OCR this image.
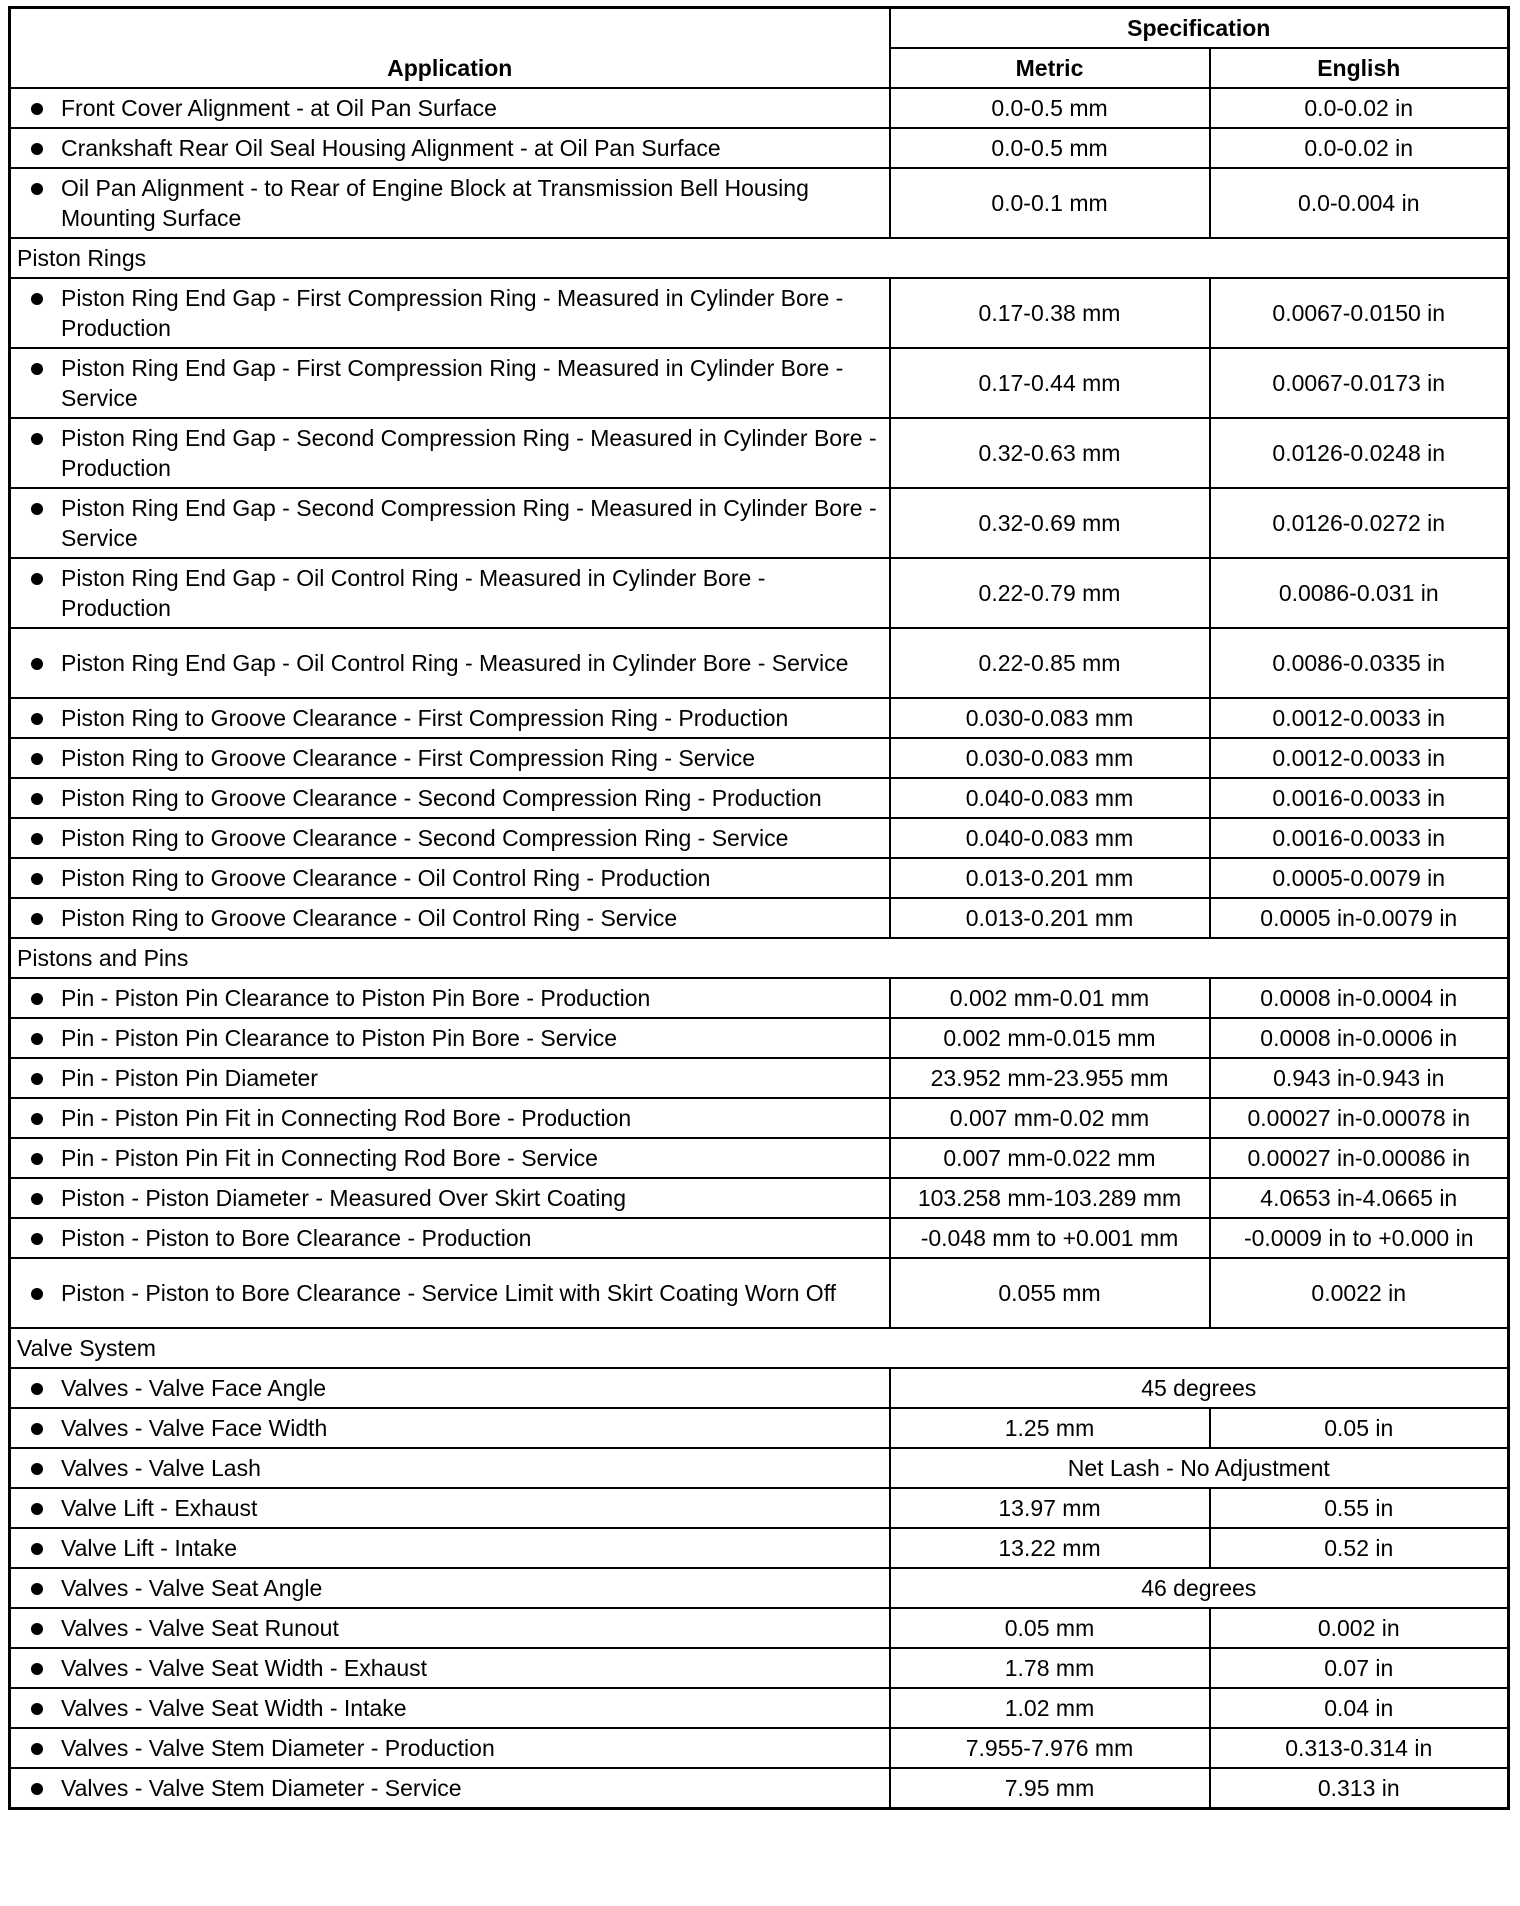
Application	Specification	
	Metric	English

Front Cover Alignment - at Oil Pan Surface	0.0-0.5 mm	0.0-0.02 in

Crankshaft Rear Oil Seal Housing Alignment - at Oil Pan Surface	0.0-0.5 mm	0.0-0.02 in

Oil Pan Alignment - to Rear of Engine Block at Transmission Bell Housing Mounting Surface	0.0-0.1 mm	0.0-0.004 in
Piston Rings		

Piston Ring End Gap - First Compression Ring - Measured in Cylinder Bore - Production	0.17-0.38 mm	0.0067-0.0150 in

Piston Ring End Gap - First Compression Ring - Measured in Cylinder Bore - Service	0.17-0.44 mm	0.0067-0.0173 in

Piston Ring End Gap - Second Compression Ring - Measured in Cylinder Bore - Production	0.32-0.63 mm	0.0126-0.0248 in

Piston Ring End Gap - Second Compression Ring - Measured in Cylinder Bore - Service	0.32-0.69 mm	0.0126-0.0272 in

Piston Ring End Gap - Oil Control Ring - Measured in Cylinder Bore - Production	0.22-0.79 mm	0.0086-0.031 in

Piston Ring End Gap - Oil Control Ring - Measured in Cylinder Bore - Service	0.22-0.85 mm	0.0086-0.0335 in

Piston Ring to Groove Clearance - First Compression Ring - Production	0.030-0.083 mm	0.0012-0.0033 in

Piston Ring to Groove Clearance - First Compression Ring - Service	0.030-0.083 mm	0.0012-0.0033 in

Piston Ring to Groove Clearance - Second Compression Ring - Production	0.040-0.083 mm	0.0016-0.0033 in

Piston Ring to Groove Clearance - Second Compression Ring - Service	0.040-0.083 mm	0.0016-0.0033 in

Piston Ring to Groove Clearance - Oil Control Ring - Production	0.013-0.201 mm	0.0005-0.0079 in

Piston Ring to Groove Clearance - Oil Control Ring - Service	0.013-0.201 mm	0.0005 in-0.0079 in
Pistons and Pins		

Pin - Piston Pin Clearance to Piston Pin Bore - Production	0.002 mm-0.01 mm	0.0008 in-0.0004 in

Pin - Piston Pin Clearance to Piston Pin Bore - Service	0.002 mm-0.015 mm	0.0008 in-0.0006 in

Pin - Piston Pin Diameter	23.952 mm-23.955 mm	0.943 in-0.943 in

Pin - Piston Pin Fit in Connecting Rod Bore - Production	0.007 mm-0.02 mm	0.00027 in-0.00078 in

Pin - Piston Pin Fit in Connecting Rod Bore - Service	0.007 mm-0.022 mm	0.00027 in-0.00086 in

Piston - Piston Diameter - Measured Over Skirt Coating	103.258 mm-103.289 mm	4.0653 in-4.0665 in

Piston - Piston to Bore Clearance - Production	-0.048 mm to +0.001 mm	-0.0009 in to +0.000 in

Piston - Piston to Bore Clearance - Service Limit with Skirt Coating Worn Off	0.055 mm	0.0022 in
Valve System		

Valves - Valve Face Angle	45 degrees	

Valves - Valve Face Width	1.25 mm	0.05 in

Valves - Valve Lash	Net Lash - No Adjustment	

Valve Lift - Exhaust	13.97 mm	0.55 in

Valve Lift - Intake	13.22 mm	0.52 in

Valves - Valve Seat Angle	46 degrees	

Valves - Valve Seat Runout	0.05 mm	0.002 in

Valves - Valve Seat Width - Exhaust	1.78 mm	0.07 in

Valves - Valve Seat Width - Intake	1.02 mm	0.04 in

Valves - Valve Stem Diameter - Production	7.955-7.976 mm	0.313-0.314 in

Valves - Valve Stem Diameter - Service	7.95 mm	0.313 in
